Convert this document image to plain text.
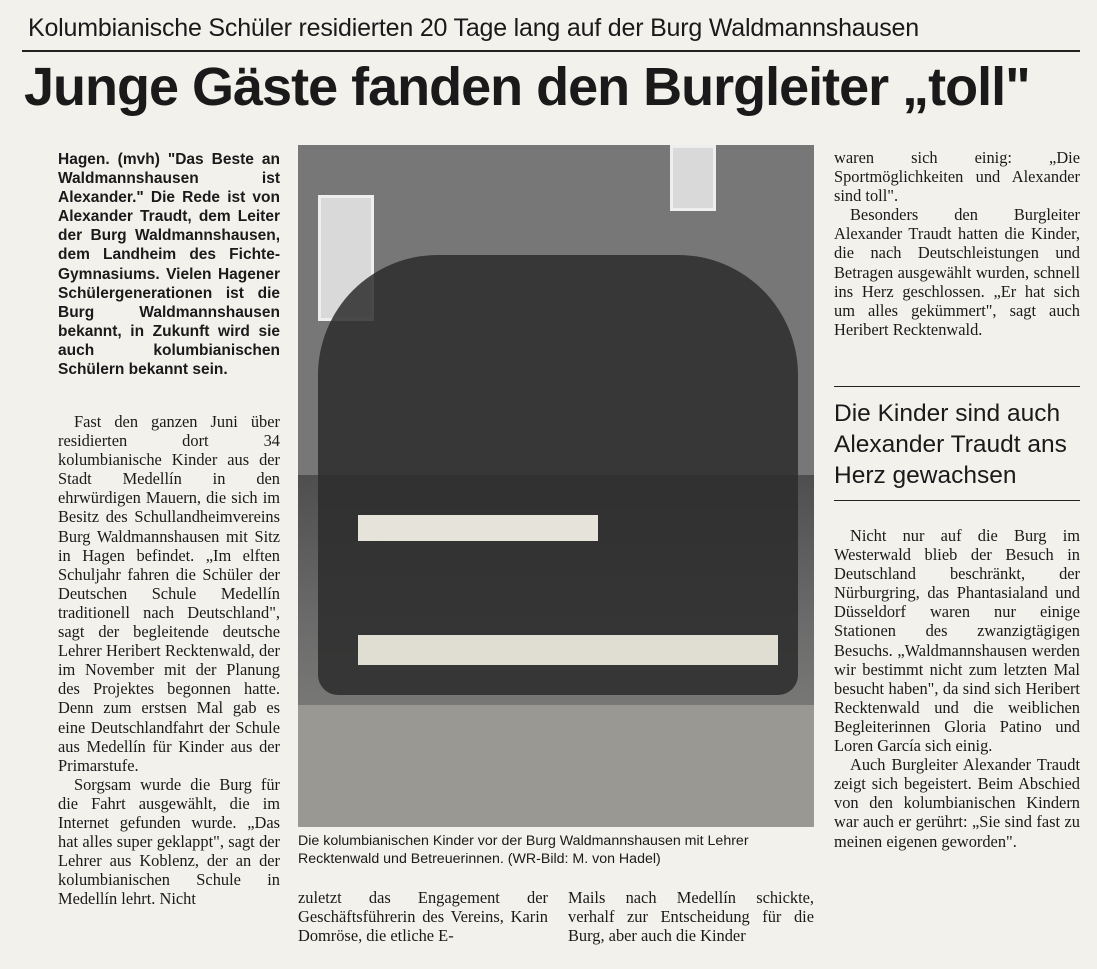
Kolumbianische Schüler residierten 20 Tage lang auf der Burg Waldmannshausen
Junge Gäste fanden den Burgleiter „toll"

Hagen. (mvh) "Das Beste an Waldmannshausen ist Alexander." Die Rede ist von Alexander Traudt, dem Leiter der Burg Waldmannshausen, dem Landheim des Fichte-Gymnasiums. Vielen Hagener Schülergenerationen ist die Burg Waldmannshausen bekannt, in Zukunft wird sie auch kolumbianischen Schülern bekannt sein.

Fast den ganzen Juni über residierten dort 34 kolumbianische Kinder aus der Stadt Medellín in den ehrwürdigen Mauern, die sich im Besitz des Schullandheimvereins Burg Waldmannshausen mit Sitz in Hagen befindet. „Im elften Schuljahr fahren die Schüler der Deutschen Schule Medellín traditionell nach Deutschland", sagt der begleitende deutsche Lehrer Heribert Recktenwald, der im November mit der Planung des Projektes begonnen hatte. Denn zum erstsen Mal gab es eine Deutschlandfahrt der Schule aus Medellín für Kinder aus der Primarstufe.

Sorgsam wurde die Burg für die Fahrt ausgewählt, die im Internet gefunden wurde. „Das hat alles super geklappt", sagt der Lehrer aus Koblenz, der an der kolumbianischen Schule in Medellín lehrt. Nicht

Die kolumbianischen Kinder vor der Burg Waldmannshausen mit Lehrer Recktenwald und Betreuerinnen. (WR-Bild: M. von Hadel)

zuletzt das Engagement der Geschäftsführerin des Vereins, Karin Domröse, die etliche E-

Mails nach Medellín schickte, verhalf zur Entscheidung für die Burg, aber auch die Kinder

waren sich einig: „Die Sportmöglichkeiten und Alexander sind toll".

Besonders den Burgleiter Alexander Traudt hatten die Kinder, die nach Deutschleistungen und Betragen ausgewählt wurden, schnell ins Herz geschlossen. „Er hat sich um alles gekümmert", sagt auch Heribert Recktenwald.

Die Kinder sind auch Alexander Traudt ans Herz gewachsen

Nicht nur auf die Burg im Westerwald blieb der Besuch in Deutschland beschränkt, der Nürburgring, das Phantasialand und Düsseldorf waren nur einige Stationen des zwanzigtägigen Besuchs. „Waldmannshausen werden wir bestimmt nicht zum letzten Mal besucht haben", da sind sich Heribert Recktenwald und die weiblichen Begleiterinnen Gloria Patino und Loren García sich einig.

Auch Burgleiter Alexander Traudt zeigt sich begeistert. Beim Abschied von den kolumbianischen Kindern war auch er gerührt: „Sie sind fast zu meinen eigenen geworden".
